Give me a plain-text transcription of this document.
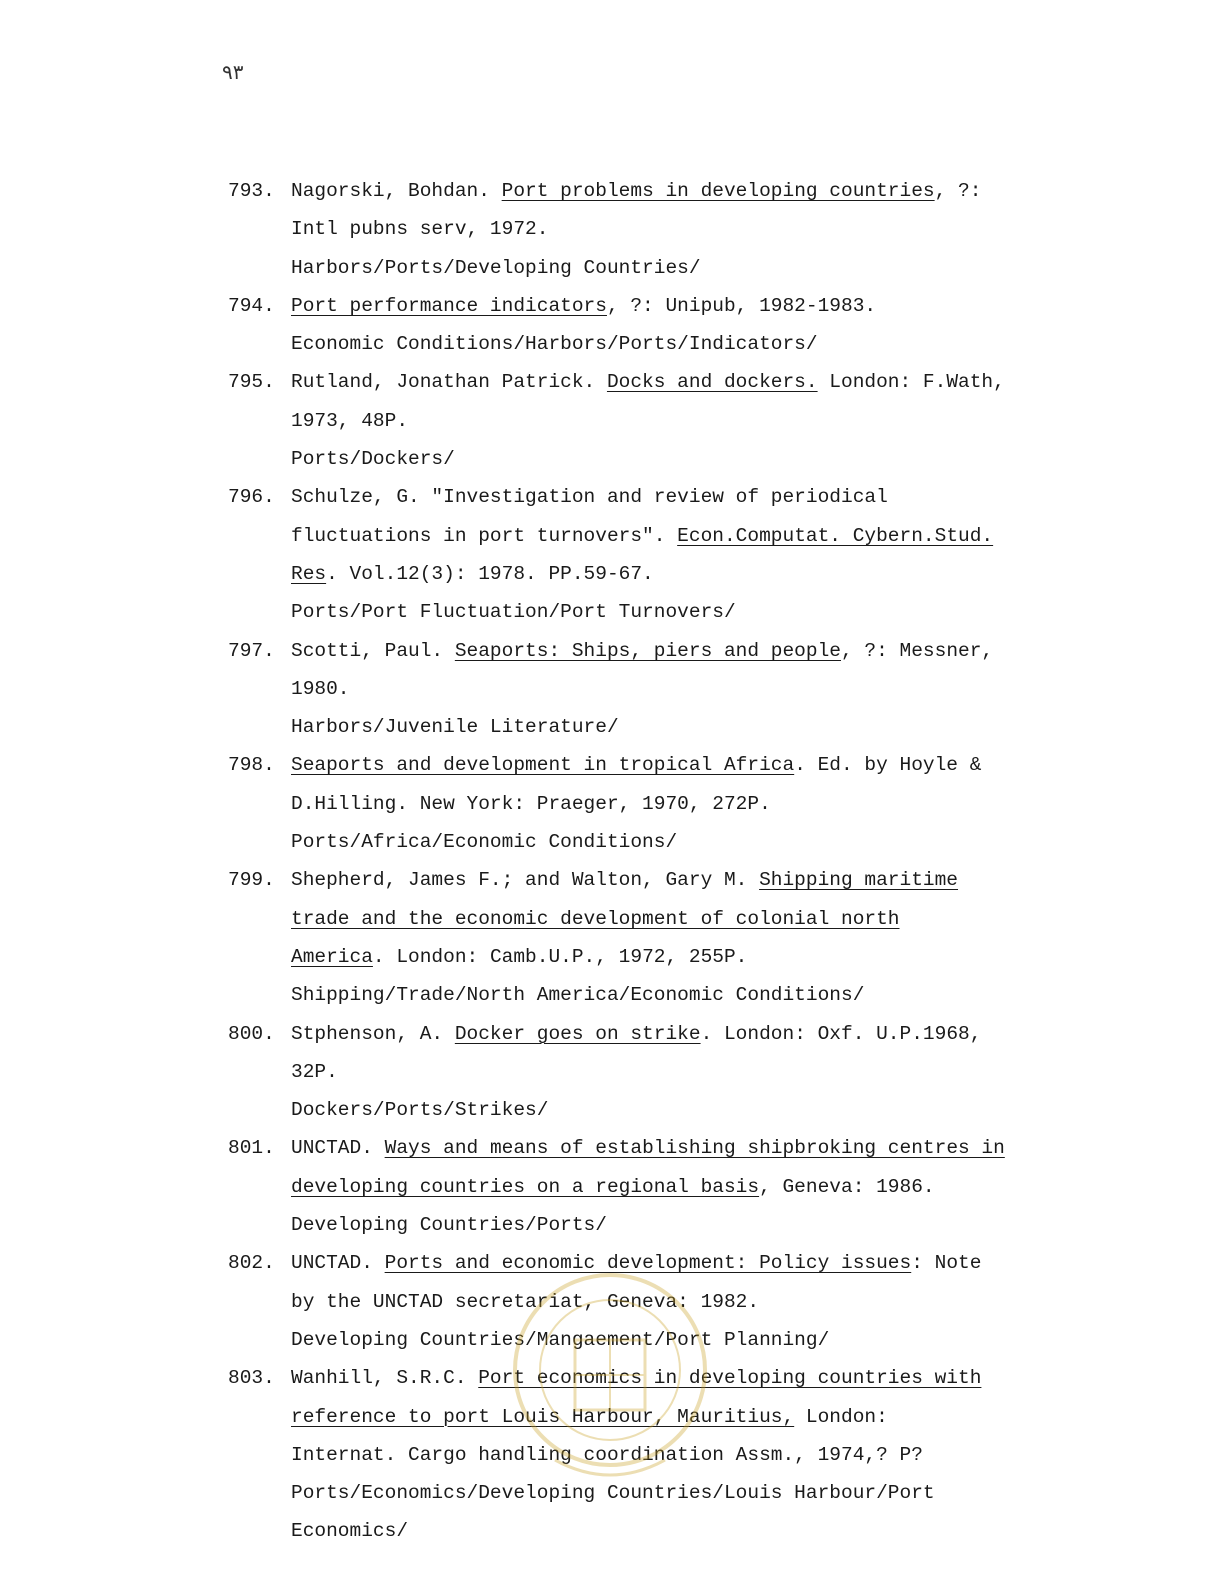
٩٣
793. Nagorski, Bohdan. Port problems in developing countries, ?:
Intl pubns serv, 1972.
Harbors/Ports/Developing Countries/
794. Port performance indicators, ?: Unipub, 1982-1983.
Economic Conditions/Harbors/Ports/Indicators/
795. Rutland, Jonathan Patrick. Docks and dockers. London: F.Wath,
1973, 48P.
Ports/Dockers/
796. Schulze, G. "Investigation and review of periodical
fluctuations in port turnovers". Econ.Computat. Cybern.Stud.
Res. Vol.12(3): 1978. PP.59-67.
Ports/Port Fluctuation/Port Turnovers/
797. Scotti, Paul. Seaports: Ships, piers and people, ?: Messner,
1980.
Harbors/Juvenile Literature/
798. Seaports and development in tropical Africa. Ed. by Hoyle &
D.Hilling. New York: Praeger, 1970, 272P.
Ports/Africa/Economic Conditions/
799. Shepherd, James F.; and Walton, Gary M. Shipping maritime
trade and the economic development of colonial north
America. London: Camb.U.P., 1972, 255P.
Shipping/Trade/North America/Economic Conditions/
800. Stphenson, A. Docker goes on strike. London: Oxf. U.P.1968,
32P.
Dockers/Ports/Strikes/
801. UNCTAD. Ways and means of establishing shipbroking centres in
developing countries on a regional basis, Geneva: 1986.
Developing Countries/Ports/
802. UNCTAD. Ports and economic development: Policy issues: Note
by the UNCTAD secretariat, Geneva: 1982.
Developing Countries/Mangaement/Port Planning/
803. Wanhill, S.R.C. Port economics in developing countries with
reference to port Louis Harbour, Mauritius, London:
Internat. Cargo handling coordination Assm., 1974,? P?
Ports/Economics/Developing Countries/Louis Harbour/Port
Economics/
